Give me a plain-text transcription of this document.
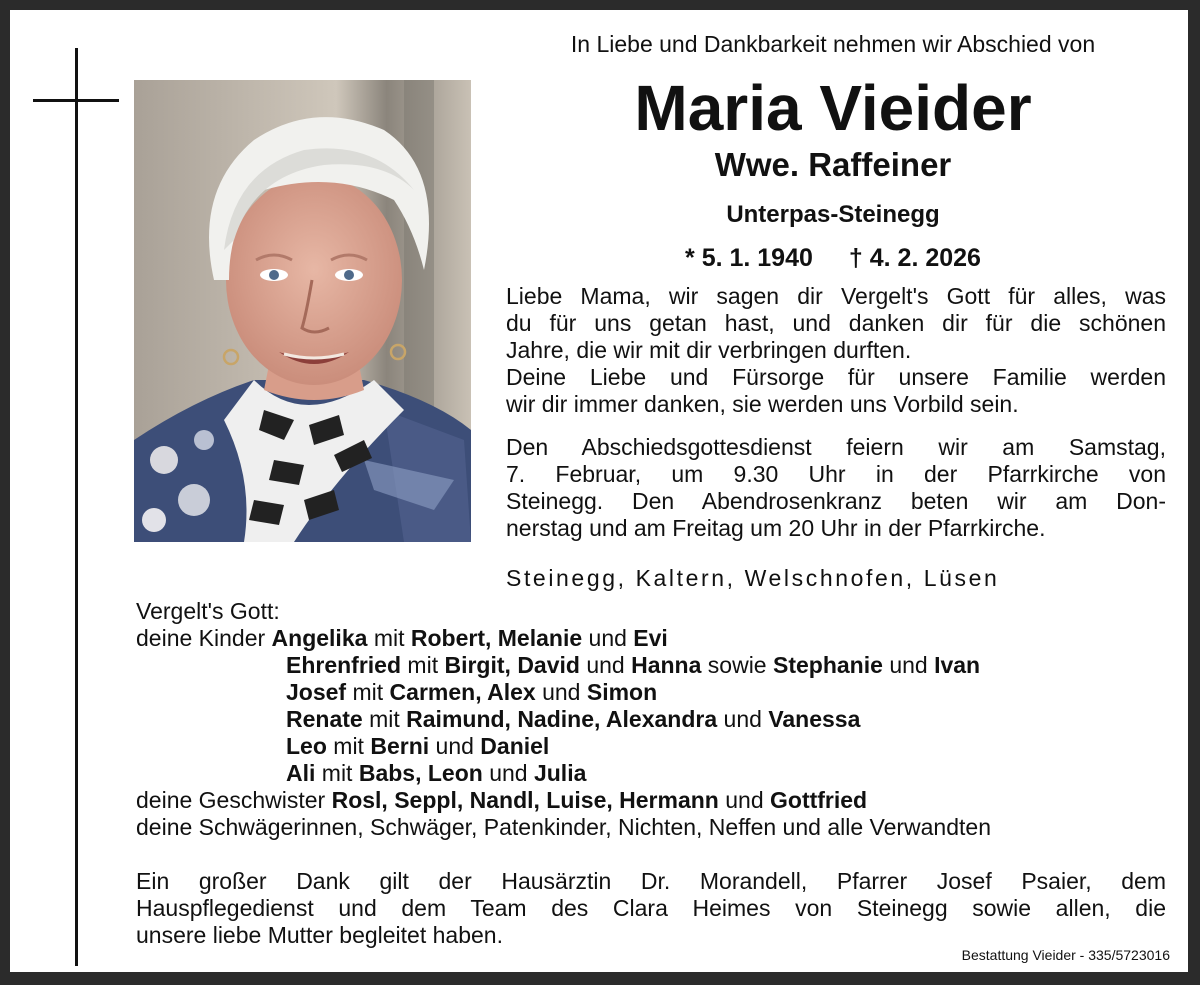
In Liebe und Dankbarkeit nehmen wir Abschied von
Maria Vieider
Wwe. Raffeiner
Unterpas-Steinegg
* 5. 1. 1940 † 4. 2. 2026
Liebe Mama, wir sagen dir Vergelt's Gott für alles, was
du für uns getan hast, und danken dir für die schönen
Jahre, die wir mit dir verbringen durften.
Deine Liebe und Fürsorge für unsere Familie werden
wir dir immer danken, sie werden uns Vorbild sein.
Den Abschiedsgottesdienst feiern wir am Samstag,
7. Februar, um 9.30 Uhr in der Pfarrkirche von
Steinegg. Den Abendrosenkranz beten wir am Don-
nerstag und am Freitag um 20 Uhr in der Pfarrkirche.
Steinegg, Kaltern, Welschnofen, Lüsen
Vergelt's Gott:
deine Kinder Angelika mit Robert, Melanie und Evi
Ehrenfried mit Birgit, David und Hanna sowie Stephanie und Ivan
Josef mit Carmen, Alex und Simon
Renate mit Raimund, Nadine, Alexandra und Vanessa
Leo mit Berni und Daniel
Ali mit Babs, Leon und Julia
deine Geschwister Rosl, Seppl, Nandl, Luise, Hermann und Gottfried
deine Schwägerinnen, Schwäger, Patenkinder, Nichten, Neffen und alle Verwandten
Ein großer Dank gilt der Hausärztin Dr. Morandell, Pfarrer Josef Psaier, dem
Hauspflegedienst und dem Team des Clara Heimes von Steinegg sowie allen, die
unsere liebe Mutter begleitet haben.
Bestattung Vieider - 335/5723016
